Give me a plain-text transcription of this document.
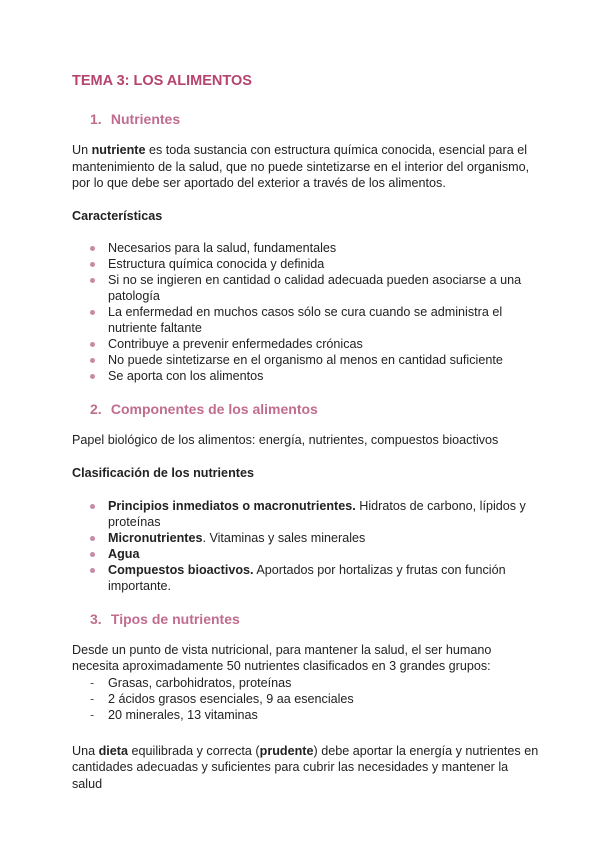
TEMA 3: LOS ALIMENTOS
1. Nutrientes

Un nutriente es toda sustancia con estructura química conocida, esencial para el mantenimiento de la salud, que no puede sintetizarse en el interior del organismo, por lo que debe ser aportado del exterior a través de los alimentos.

Características

Necesarios para la salud, fundamentales
Estructura química conocida y definida
Si no se ingieren en cantidad o calidad adecuada pueden asociarse a una patología
La enfermedad en muchos casos sólo se cura cuando se administra el nutriente faltante
Contribuye a prevenir enfermedades crónicas
No puede sintetizarse en el organismo al menos en cantidad suficiente
Se aporta con los alimentos
2. Componentes de los alimentos

Papel biológico de los alimentos: energía, nutrientes, compuestos bioactivos

Clasificación de los nutrientes

Principios inmediatos o macronutrientes. Hidratos de carbono, lípidos y proteínas
Micronutrientes. Vitaminas y sales minerales
Agua
Compuestos bioactivos. Aportados por hortalizas y frutas con función importante.
3. Tipos de nutrientes

Desde un punto de vista nutricional, para mantener la salud, el ser humano necesita aproximadamente 50 nutrientes clasificados en 3 grandes grupos:

- Grasas, carbohidratos, proteínas
- 2 ácidos grasos esenciales, 9 aa esenciales
- 20 minerales, 13 vitaminas

Una dieta equilibrada y correcta (prudente) debe aportar la energía y nutrientes en cantidades adecuadas y suficientes para cubrir las necesidades y mantener la salud
